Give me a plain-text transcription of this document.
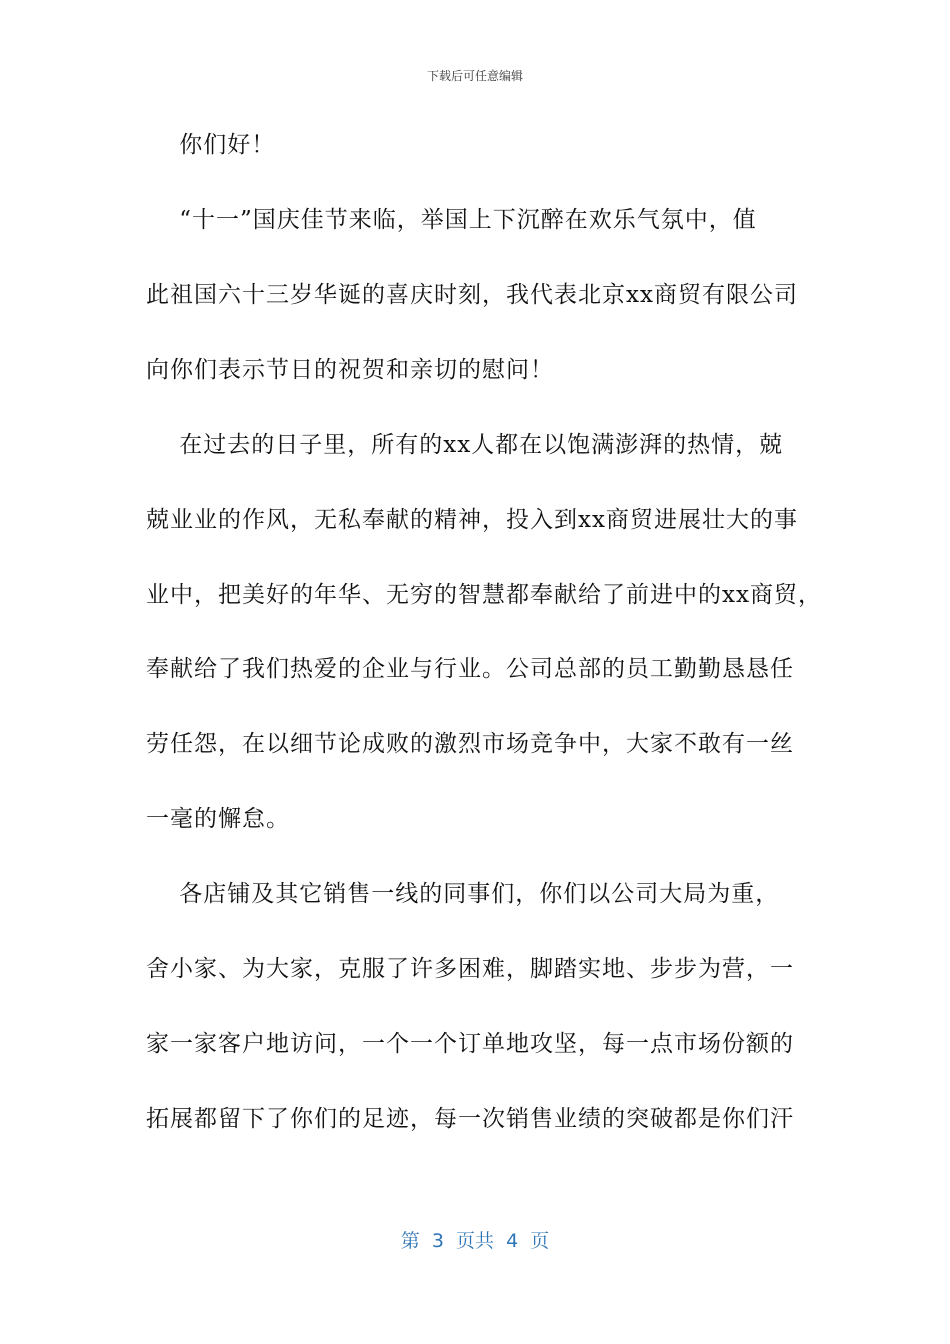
下载后可任意编辑
你们好！
“十一”国庆佳节来临，举国上下沉醉在欢乐气氛中，值
此祖国六十三岁华诞的喜庆时刻，我代表北京xx商贸有限公司
向你们表示节日的祝贺和亲切的慰问！
在过去的日子里，所有的xx人都在以饱满澎湃的热情，兢
兢业业的作风，无私奉献的精神，投入到xx商贸进展壮大的事
业中，把美好的年华、无穷的智慧都奉献给了前进中的xx商贸，
奉献给了我们热爱的企业与行业。公司总部的员工勤勤恳恳任
劳任怨，在以细节论成败的激烈市场竞争中，大家不敢有一丝
一毫的懈怠。
各店铺及其它销售一线的同事们，你们以公司大局为重，
舍小家、为大家，克服了许多困难，脚踏实地、步步为营，一
家一家客户地访问，一个一个订单地攻坚，每一点市场份额的
拓展都留下了你们的足迹，每一次销售业绩的突破都是你们汗
第  3  页共  4  页
